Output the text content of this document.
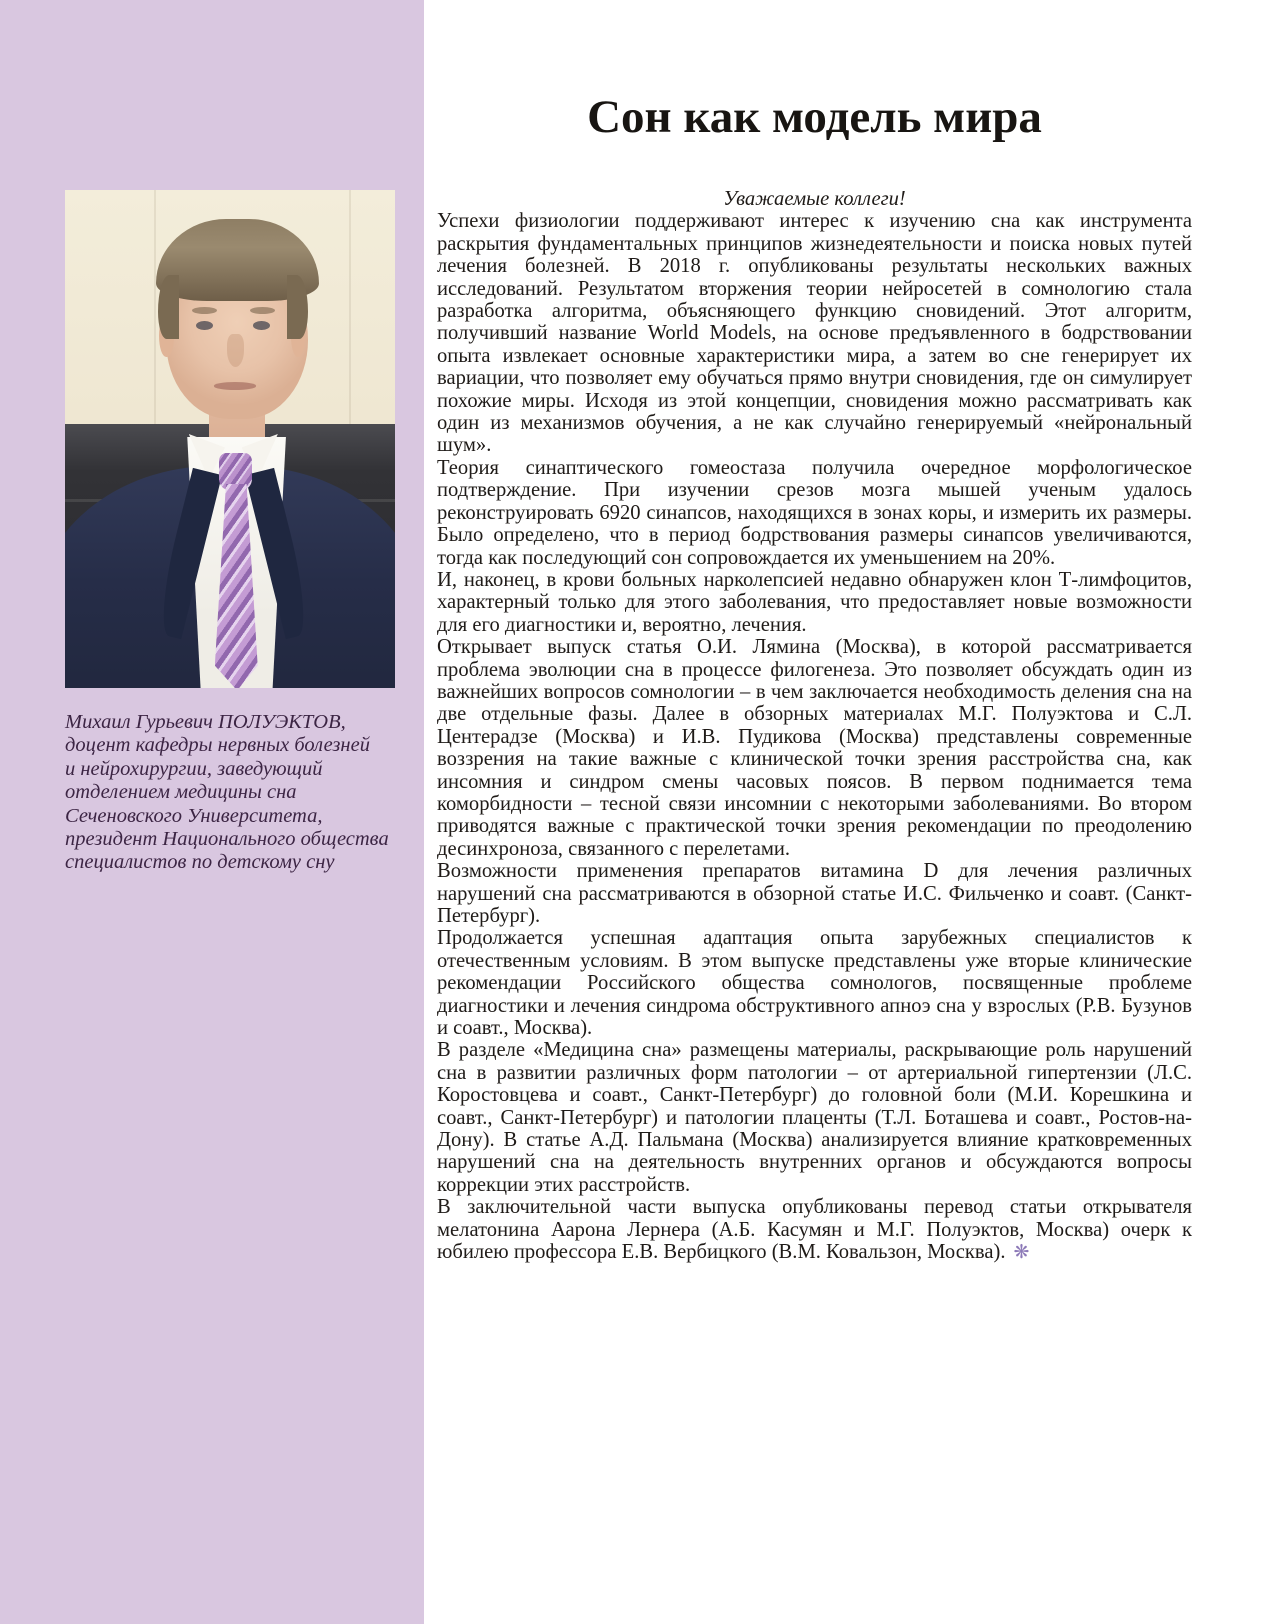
Михаил Гурьевич ПОЛУЭКТОВ,
доцент кафедры нервных болезней
и нейрохирургии, заведующий
отделением медицины сна
Сеченовского Университета,
президент Национального общества
специалистов по детскому сну
Сон как модель мира

Уважаемые коллеги!

Успехи физиологии поддерживают интерес к изучению сна как инструмента раскрытия фундаментальных принципов жизнедеятельности и поиска новых путей лечения болезней. В 2018 г. опубликованы результаты нескольких важных исследований. Результатом вторжения теории нейросетей в сомнологию стала разработка алгоритма, объясняющего функцию сновидений. Этот алгоритм, получивший название World Models, на основе предъявленного в бодрствовании опыта извлекает основные характеристики мира, а затем во сне генерирует их вариации, что позволяет ему обучаться прямо внутри сновидения, где он симулирует похожие миры. Исходя из этой концепции, сновидения можно рассматривать как один из механизмов обучения, а не как случайно генерируемый «нейрональный шум».

Теория синаптического гомеостаза получила очередное морфологическое подтверждение. При изучении срезов мозга мышей ученым удалось реконструировать 6920 синапсов, находящихся в зонах коры, и измерить их размеры. Было определено, что в период бодрствования размеры синапсов увеличиваются, тогда как последующий сон сопровождается их уменьшением на 20%.

И, наконец, в крови больных нарколепсией недавно обнаружен клон Т-лимфоцитов, характерный только для этого заболевания, что предоставляет новые возможности для его диагностики и, вероятно, лечения.

Открывает выпуск статья О.И. Лямина (Москва), в которой рассматривается проблема эволюции сна в процессе филогенеза. Это позволяет обсуждать один из важнейших вопросов сомнологии – в чем заключается необходимость деления сна на две отдельные фазы. Далее в обзорных материалах М.Г. Полуэктова и С.Л. Центерадзе (Москва) и И.В. Пудикова (Москва) представлены современные воззрения на такие важные с клинической точки зрения расстройства сна, как инсомния и синдром смены часовых поясов. В первом поднимается тема коморбидности – тесной связи инсомнии с некоторыми заболеваниями. Во втором приводятся важные с практической точки зрения рекомендации по преодолению десинхроноза, связанного с перелетами.

Возможности применения препаратов витамина D для лечения различных нарушений сна рассматриваются в обзорной статье И.С. Фильченко и соавт. (Санкт-Петербург).

Продолжается успешная адаптация опыта зарубежных специалистов к отечественным условиям. В этом выпуске представлены уже вторые клинические рекомендации Российского общества сомнологов, посвященные проблеме диагностики и лечения синдрома обструктивного апноэ сна у взрослых (Р.В. Бузунов и соавт., Москва).

В разделе «Медицина сна» размещены материалы, раскрывающие роль нарушений сна в развитии различных форм патологии – от артериальной гипертензии (Л.С. Коростовцева и соавт., Санкт-Петербург) до головной боли (М.И. Корешкина и соавт., Санкт-Петербург) и патологии плаценты (Т.Л. Боташева и соавт., Ростов-на-Дону). В статье А.Д. Пальмана (Москва) анализируется влияние кратковременных нарушений сна на деятельность внутренних органов и обсуждаются вопросы коррекции этих расстройств.

В заключительной части выпуска опубликованы перевод статьи открывателя мелатонина Аарона Лернера (А.Б. Касумян и М.Г. Полуэктов, Москва) очерк к юбилею профессора Е.В. Вербицкого (В.М. Ковальзон, Москва). ❋
